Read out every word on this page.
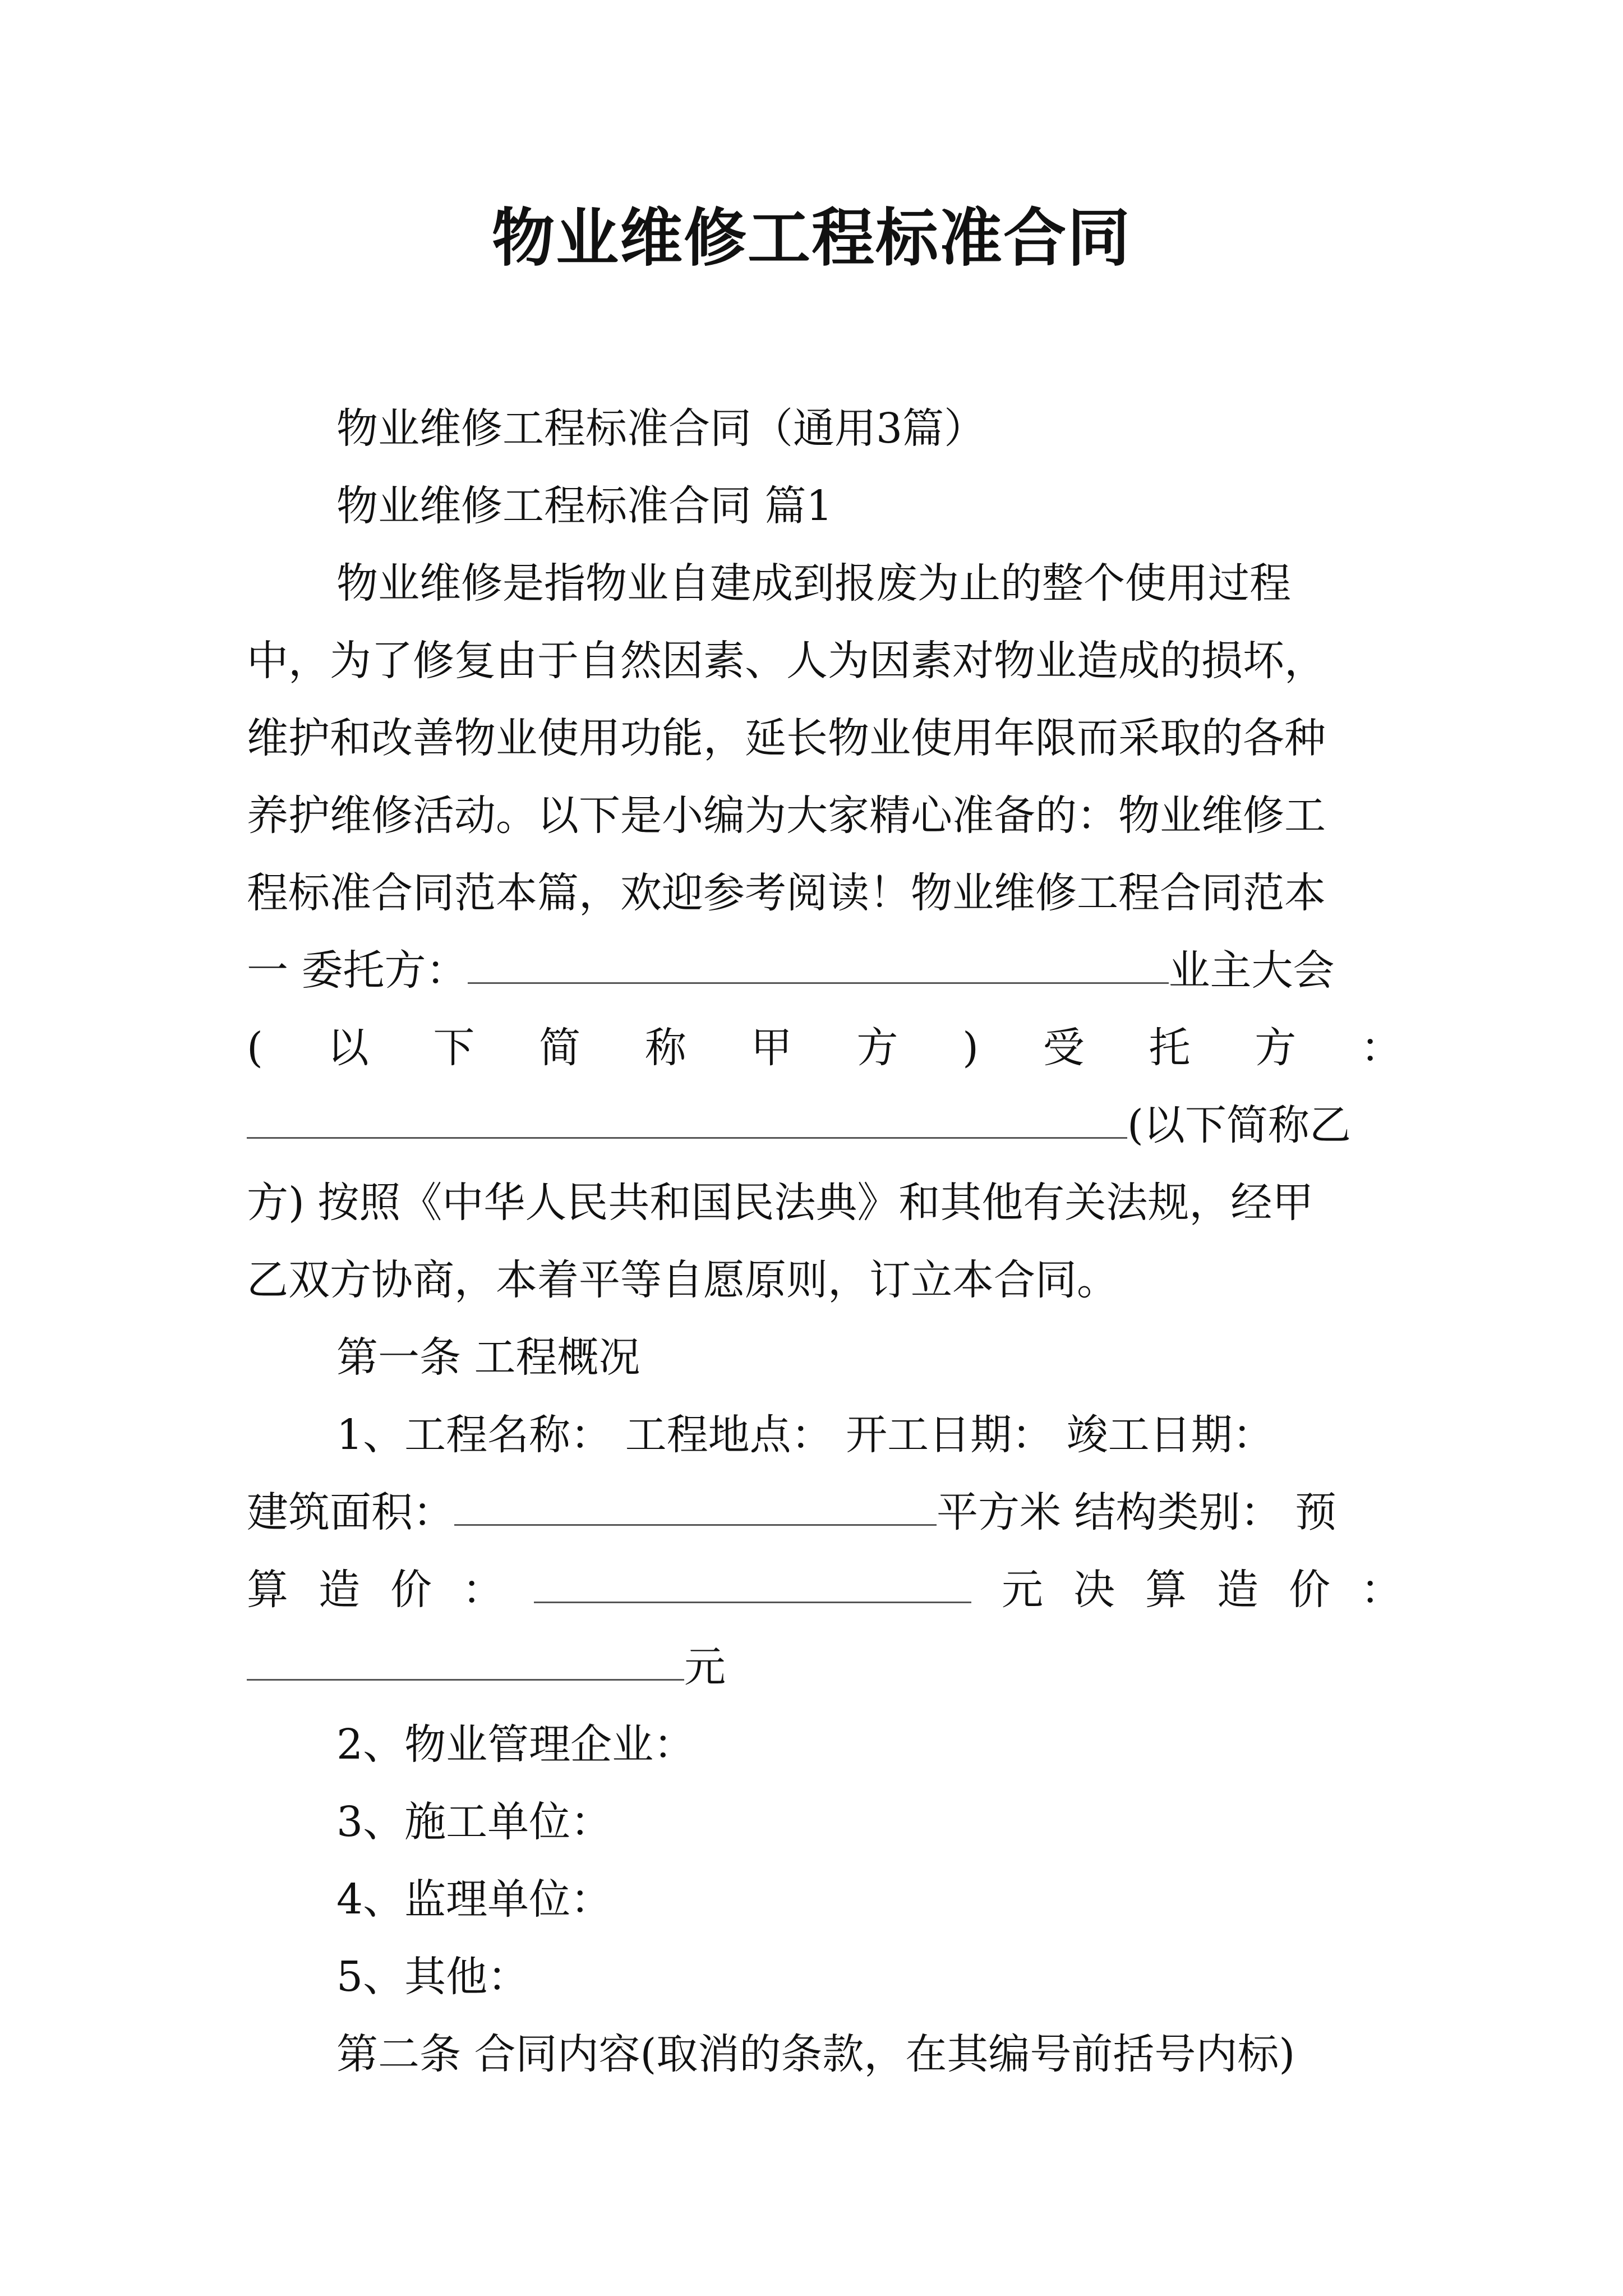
物业维修工程标准合同
物业维修工程标准合同（通用3篇）
物业维修工程标准合同 篇1
物业维修是指物业自建成到报废为止的整个使用过程
中，为了修复由于自然因素、人为因素对物业造成的损坏，
维护和改善物业使用功能，延长物业使用年限而采取的各种
养护维修活动。以下是小编为大家精心准备的：物业维修工
程标准合同范本篇，欢迎参考阅读！物业维修工程合同范本
一 委托方：	业主大会
( 以 下 简 称 甲 方 ) 受 托 方 ：
(以下简称乙
方) 按照《中华人民共和国民法典》和其他有关法规，经甲
乙双方协商，本着平等自愿原则，订立本合同。
第一条 工程概况
1、工程名称： 工程地点： 开工日期： 竣工日期：
建筑面积：	平方米 结构类别： 预
算 造 价 ：	元 决 算 造 价 ：
元
2、物业管理企业：
3、施工单位：
4、监理单位：
5、其他：
第二条 合同内容(取消的条款，在其编号前括号内标)
